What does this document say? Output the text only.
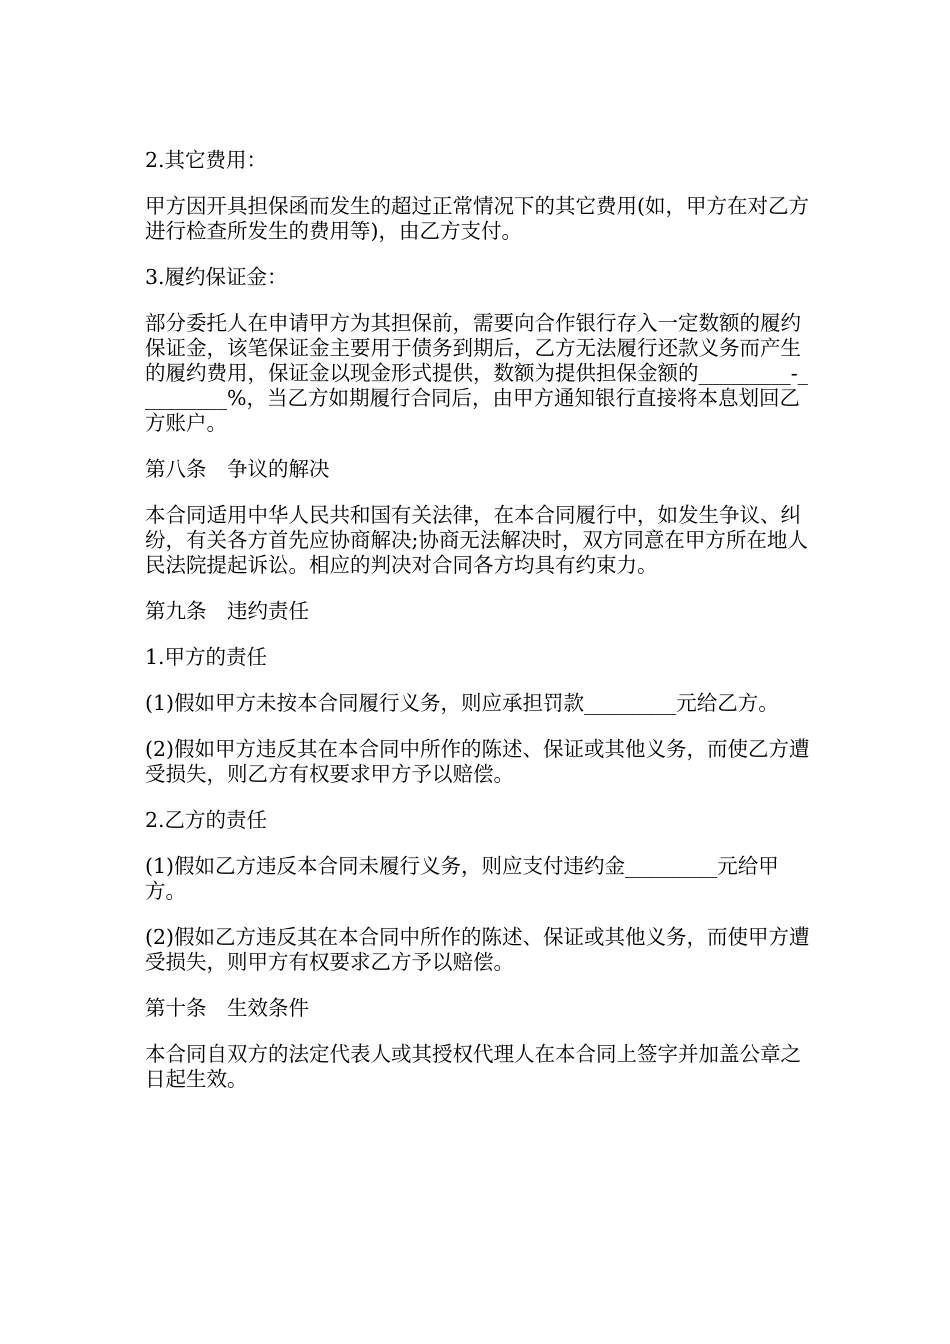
2.其它费用：

甲方因开具担保函而发生的超过正常情况下的其它费用(如，甲方在对乙方进行检查所发生的费用等)，由乙方支付。

3.履约保证金：

部分委托人在申请甲方为其担保前，需要向合作银行存入一定数额的履约保证金，该笔保证金主要用于债务到期后，乙方无法履行还款义务而产生的履约费用，保证金以现金形式提供，数额为提供担保金额的_________-_________%，当乙方如期履行合同后，由甲方通知银行直接将本息划回乙方账户。

第八条　争议的解决

本合同适用中华人民共和国有关法律，在本合同履行中，如发生争议、纠纷，有关各方首先应协商解决;协商无法解决时，双方同意在甲方所在地人民法院提起诉讼。相应的判决对合同各方均具有约束力。

第九条　违约责任

1.甲方的责任

(1)假如甲方未按本合同履行义务，则应承担罚款_________元给乙方。

(2)假如甲方违反其在本合同中所作的陈述、保证或其他义务，而使乙方遭受损失，则乙方有权要求甲方予以赔偿。

2.乙方的责任

(1)假如乙方违反本合同未履行义务，则应支付违约金_________元给甲方。

(2)假如乙方违反其在本合同中所作的陈述、保证或其他义务，而使甲方遭受损失，则甲方有权要求乙方予以赔偿。

第十条　生效条件

本合同自双方的法定代表人或其授权代理人在本合同上签字并加盖公章之日起生效。
